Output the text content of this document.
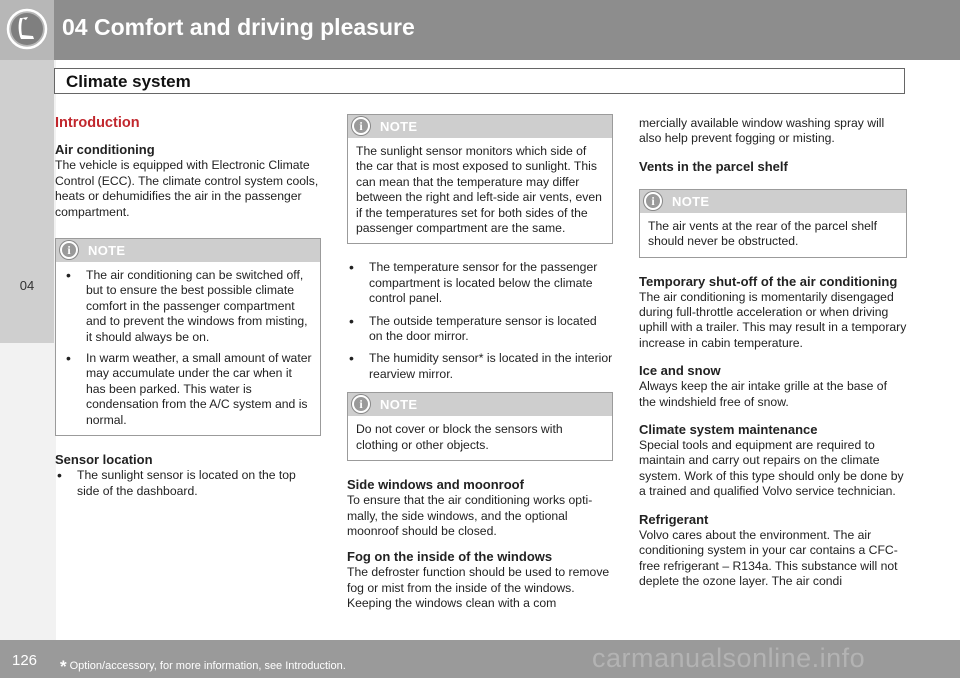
04 Comfort and driving pleasure
04
Climate system
Introduction
Air conditioning
The vehicle is equipped with Electronic Climate Control (ECC). The climate control system cools, heats or dehumidifies the air in the passenger compartment.
i	NOTE
• The air conditioning can be switched off, but to ensure the best possible climate comfort in the passenger compartment and to prevent the windows from misting, it should always be on.
• In warm weather, a small amount of water may accumulate under the car when it has been parked. This water is condensation from the A/C system and is normal.
Sensor location
• The sunlight sensor is located on the top side of the dashboard.
i	NOTE
The sunlight sensor monitors which side of the car that is most exposed to sunlight. This can mean that the temperature may differ between the right and left-side air vents, even if the temperatures set for both sides of the passenger compartment are the same.
• The temperature sensor for the passenger compartment is located below the climate control panel.
• The outside temperature sensor is located on the door mirror.
• The humidity sensor* is located in the interior rearview mirror.
i	NOTE
Do not cover or block the sensors with clothing or other objects.
Side windows and moonroof
To ensure that the air conditioning works optimally, the side windows, and the optional moonroof should be closed.
Fog on the inside of the windows
The defroster function should be used to remove fog or mist from the inside of the windows. Keeping the windows clean with a com
mercially available window washing spray will also help prevent fogging or misting.
Vents in the parcel shelf
i	NOTE
The air vents at the rear of the parcel shelf should never be obstructed.
Temporary shut-off of the air conditioning
The air conditioning is momentarily disengaged during full-throttle acceleration or when driving uphill with a trailer. This may result in a temporary increase in cabin temperature.
Ice and snow
Always keep the air intake grille at the base of the windshield free of snow.
Climate system maintenance
Special tools and equipment are required to maintain and carry out repairs on the climate system. Work of this type should only be done by a trained and qualified Volvo service technician.
Refrigerant
Volvo cares about the environment. The air conditioning system in your car contains a CFC-free refrigerant – R134a. This substance will not deplete the ozone layer. The air condi
126 * Option/accessory, for more information, see Introduction.	carmanualsonline.info
